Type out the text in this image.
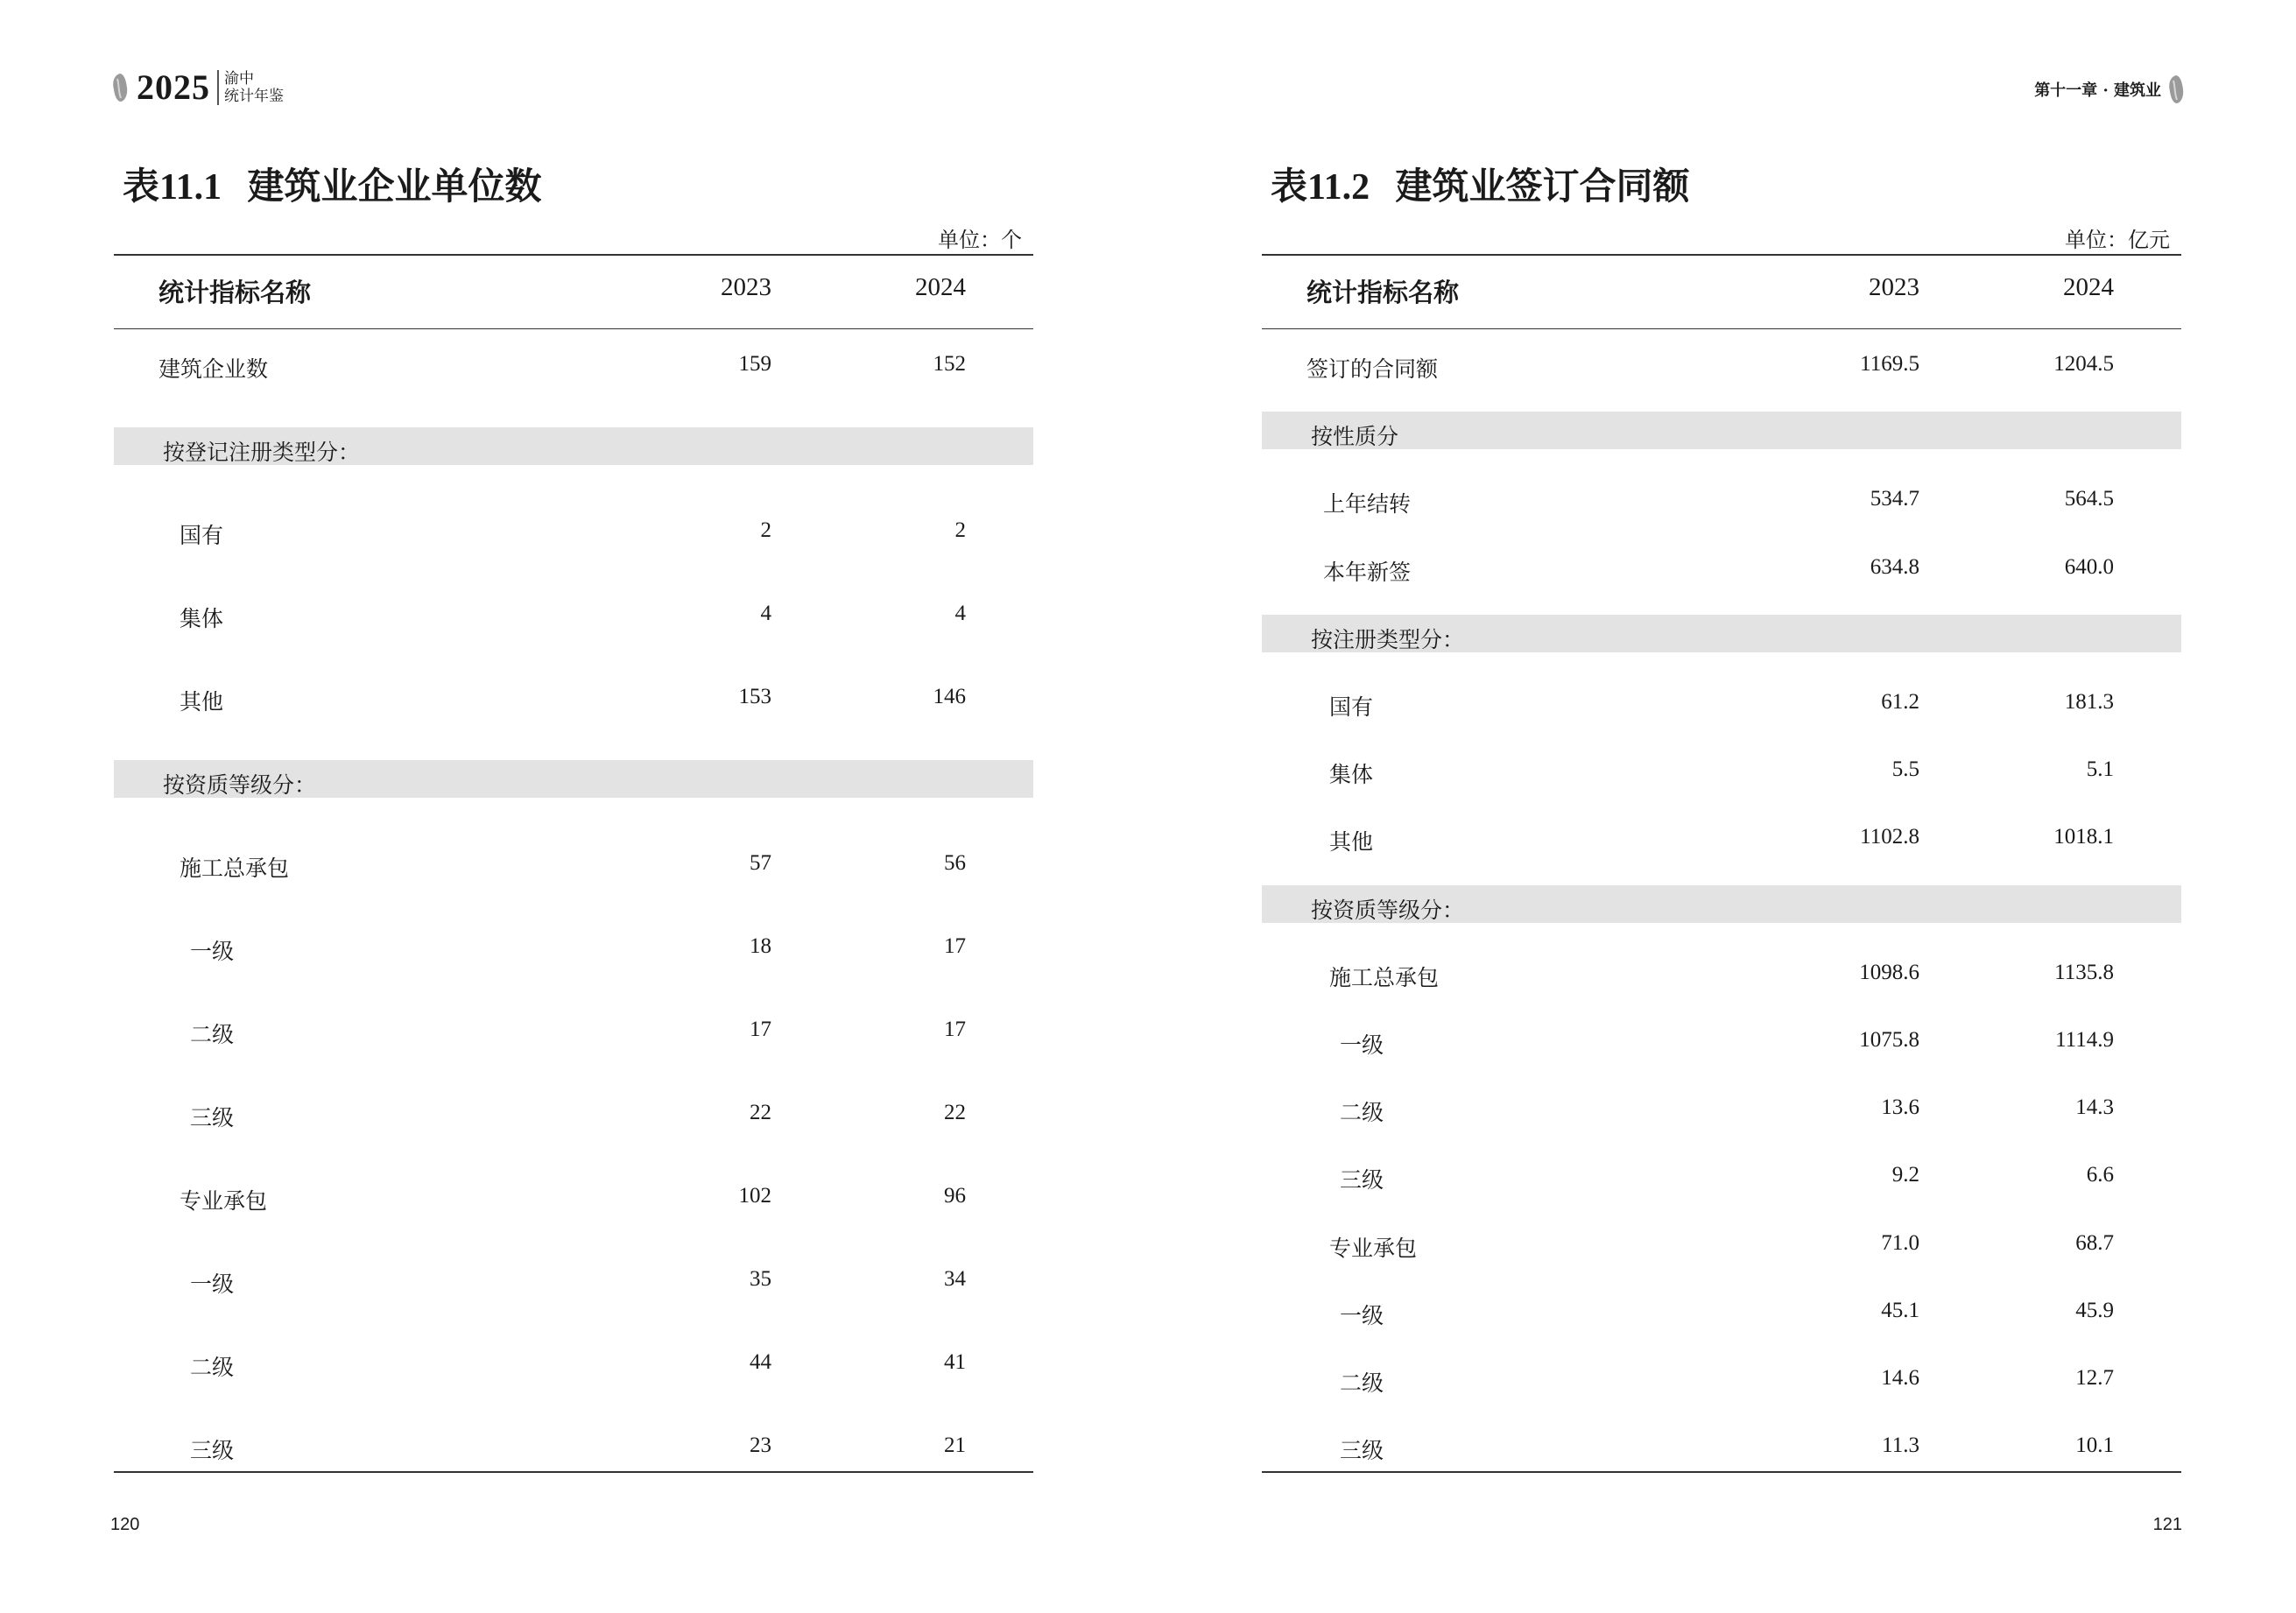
2025 渝中
统计年鉴
表11.1 建筑业企业单位数
单位：个
统计指标名称	2023	2024
建筑企业数	159	152
按登记注册类型分：
国有	2	2
集体	4	4
其他	153	146
按资质等级分：
施工总承包	57	56
一级	18	17
二级	17	17
三级	22	22
专业承包	102	96
一级	35	34
二级	44	41
三级	23	21
120
第十一章 · 建筑业
表11.2 建筑业签订合同额
单位：亿元
统计指标名称	2023	2024
签订的合同额	1169.5	1204.5
按性质分
上年结转	534.7	564.5
本年新签	634.8	640.0
按注册类型分：
国有	61.2	181.3
集体	5.5	5.1
其他	1102.8	1018.1
按资质等级分：
施工总承包	1098.6	1135.8
一级	1075.8	1114.9
二级	13.6	14.3
三级	9.2	6.6
专业承包	71.0	68.7
一级	45.1	45.9
二级	14.6	12.7
三级	11.3	10.1
121
